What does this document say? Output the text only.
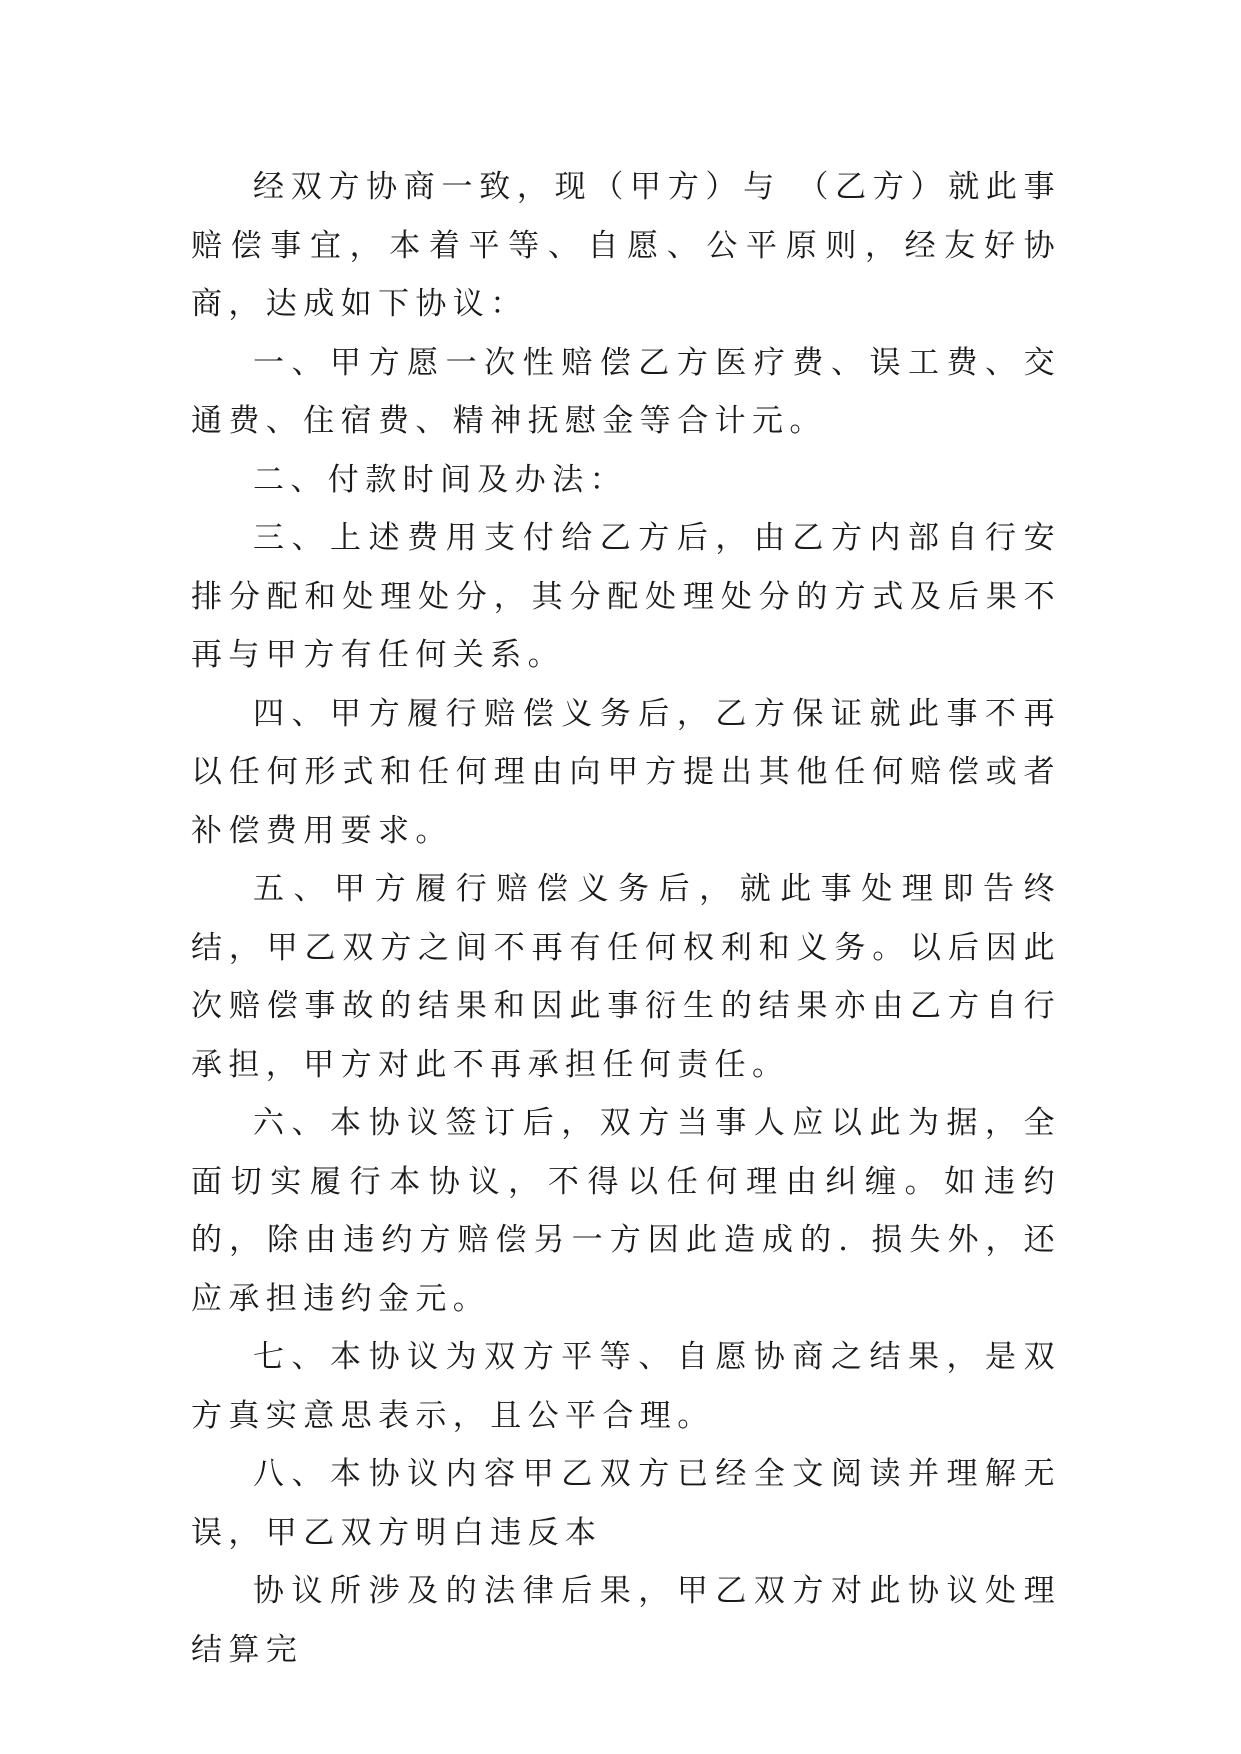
经双方协商一致，现（甲方）与 （乙方）就此事赔偿事宜，本着平等、自愿、公平原则，经友好协商，达成如下协议：

一、甲方愿一次性赔偿乙方医疗费、误工费、交通费、住宿费、精神抚慰金等合计元。

二、付款时间及办法：

三、上述费用支付给乙方后，由乙方内部自行安排分配和处理处分，其分配处理处分的方式及后果不再与甲方有任何关系。

四、甲方履行赔偿义务后，乙方保证就此事不再以任何形式和任何理由向甲方提出其他任何赔偿或者补偿费用要求。

五、甲方履行赔偿义务后，就此事处理即告终结，甲乙双方之间不再有任何权利和义务。以后因此次赔偿事故的结果和因此事衍生的结果亦由乙方自行承担，甲方对此不再承担任何责任。

六、本协议签订后，双方当事人应以此为据，全面切实履行本协议，不得以任何理由纠缠。如违约的，除由违约方赔偿另一方因此造成的. 损失外，还应承担违约金元。

七、本协议为双方平等、自愿协商之结果，是双方真实意思表示，且公平合理。

八、本协议内容甲乙双方已经全文阅读并理解无误，甲乙双方明白违反本

协议所涉及的法律后果，甲乙双方对此协议处理结算完
